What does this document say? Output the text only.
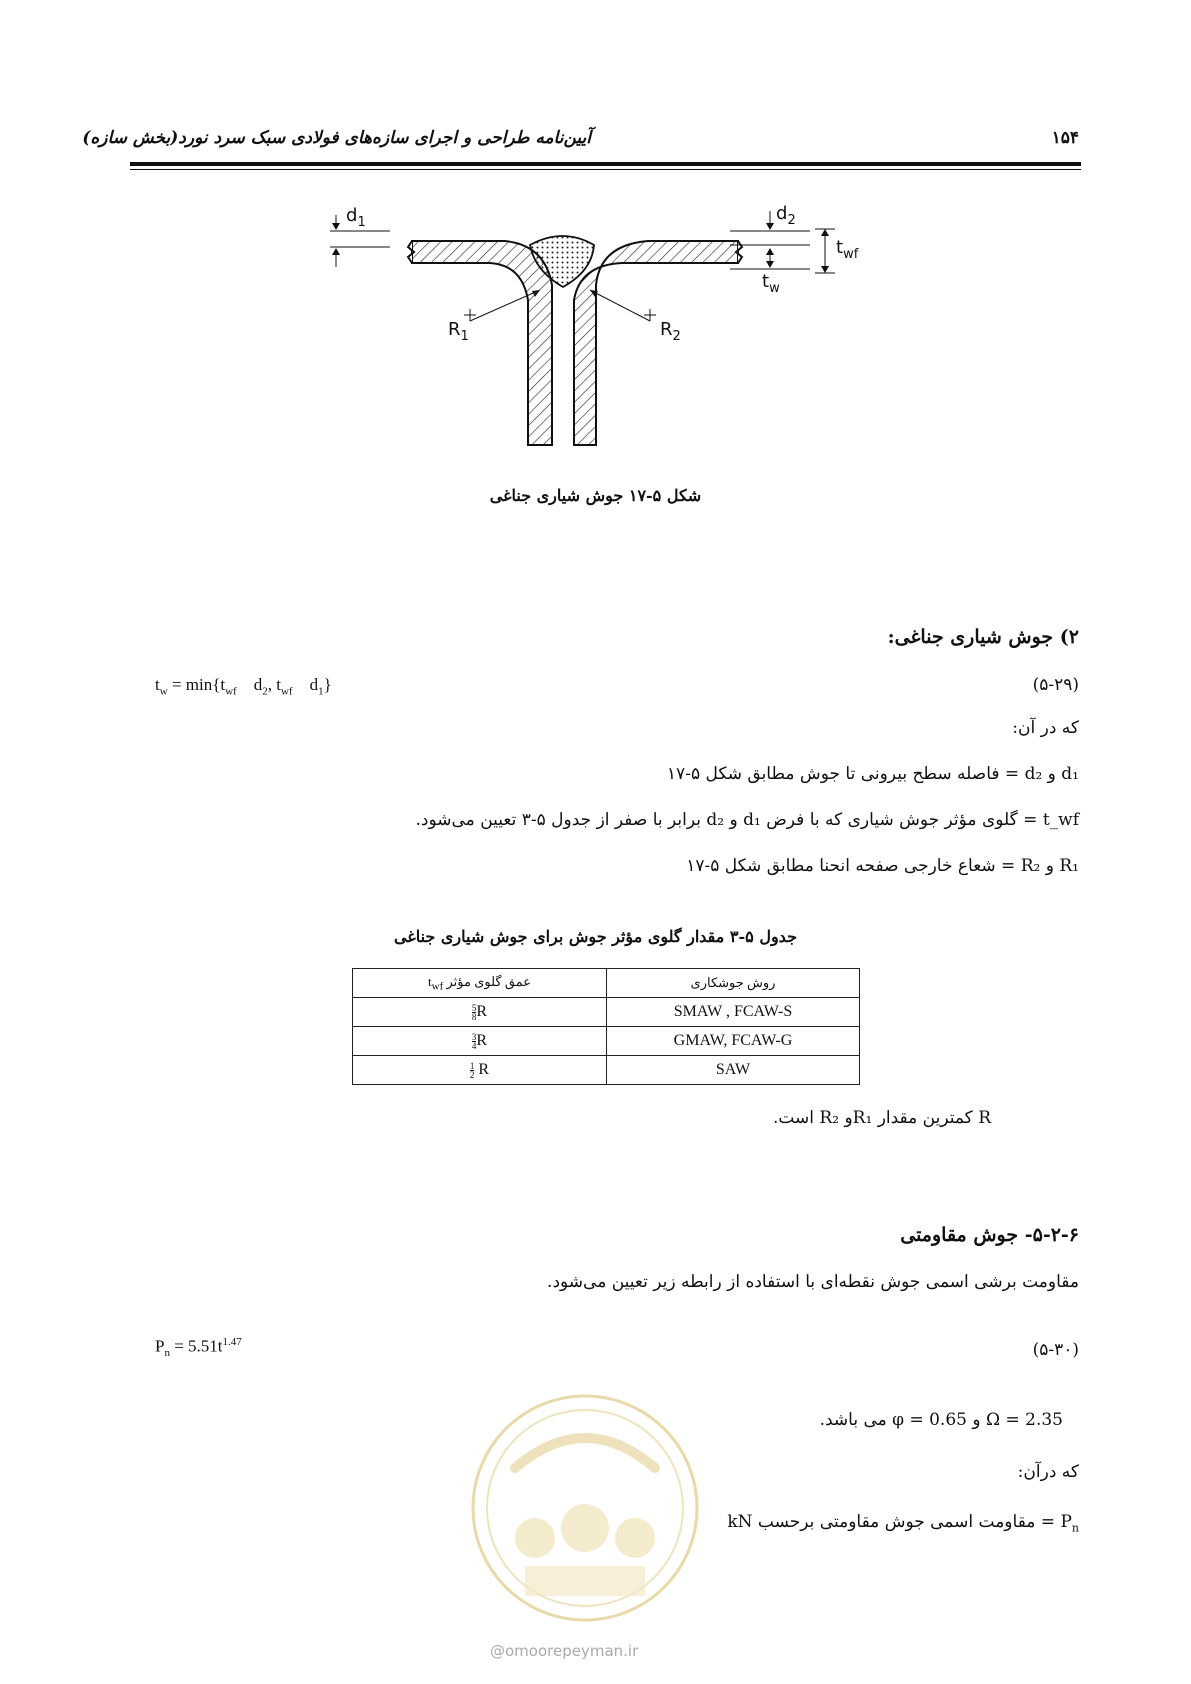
۱۵۴
آیین‌نامه طراحی و اجرای سازه‌های فولادی سبک سرد نورد(بخش سازه)
$d_1$	$d_2$
$t_{wf}$
$t_w$
$R_1$	$R_2$
شکل ۵-۱۷ جوش شیاری جناغی
۲) جوش شیاری جناغی:
(۵-۲۹)
$t_w = \min\{t_{wf}$    $d_2$, $t_{wf}$    $d_1$}
که در آن:
d₁ و d₂ = فاصله سطح بیرونی تا جوش مطابق شکل ۵-۱۷
t_wf = گلوی مؤثر جوش شیاری که با فرض d₁ و d₂ برابر با صفر از جدول ۵-۳ تعیین می‌شود.
R₁ و R₂ = شعاع خارجی صفحه انحنا مطابق شکل ۵-۱۷
جدول ۵-۳ مقدار گلوی مؤثر جوش برای جوش شیاری جناغی
عمق گلوی مؤثر $t_{wf}$	روش جوشکاری

$\frac{5}{8}$ R	SMAW , FCAW-S

$\frac{3}{4}$ R	GMAW, FCAW-G

$\frac{1}{2}$ R	SAW
R کمترین مقدار R₁و R₂ است.
۵-۲-۶- جوش مقاومتی
مقاومت برشی اسمی جوش نقطه‌ای با استفاده از رابطه زیر تعیین می‌شود.
(۵-۳۰)
$P_n = 5.51t^{1.47}$
Ω = 2.35 و φ = 0.65 می باشد.
که درآن:
$P_n$ = مقاومت اسمی جوش مقاومتی برحسب kN
@omoorepeyman.ir
